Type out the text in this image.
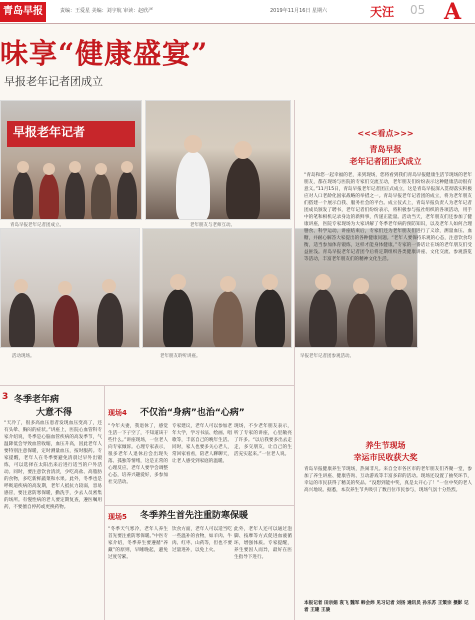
青岛早报	责编：王爱星 美编：刘宇航 审读：赵欣严	2019年11月16日 星期六	天汪 05 A
味享“健康盛宴”
早报老年记者团成立
早报老年记者
青岛早报老年记者团成立。	老年朋友与老师互动。
活动现场。	老年朋友聆听讲座。	早报老年记者团参观活动。
<<<看点>>>
青岛早报
老年记者团正式成立
“青岛和您一起幸福的老，来到现场，您将看到我们青岛早报健康生活节现场的老年朋友，都在现场与医院的专家们交流互动，老年朋友们纷纷表示这种健康活动很有意义。”11月15日，青岛早报老年记者团正式成立，这是青岛早报深入贯彻落实积极应对人口老龄化国家战略的举措之一。青岛早报老年记者团的成立，将为老年朋友们搭建一个展示自我、服务社会的平台。成立仪式上，青岛早报负责人为老年记者团成员颁发了聘书，老年记者们纷纷表示，将积极参与报社组织的各项活动，用手中的笔和相机记录身边的新鲜事，传递正能量。活动当天，老年朋友们还参加了健康讲座，医院专家现场为大家讲解了冬季老年病的预防知识，以及老年人如何合理膳食、科学运动。讲座结束后，专家们还为老年朋友们进行了义诊，测量血压、血糖，并耐心解答大家提出的各种健康问题。“老年人要保持乐观的心态，注意饮食均衡，适当参加体育锻炼，这样才能身体健康。”专家的一番话让在场的老年朋友们受益匪浅。青岛早报老年记者团今后将定期组织各类健康讲座、文化交流、参观游览等活动，丰富老年朋友们的精神文化生活。
养生节现场
幸运市民收获大奖
青岛早报健康养生节现场，热闹非凡。来自全市各区市的老年朋友们齐聚一堂，参加了养生讲座、健康咨询、互动游戏等丰富多彩的活动。现场还设置了抽奖环节，幸运的市民获得了精美的奖品。“没想到能中奖，真是太开心了！”一位中奖的老人高兴地说。据悉，本次养生节共吸引了数百位市民参与，现场气氛十分热烈。
本报记者 田宗娟 袁飞 魏军 韩会炜 见习记者 刘扬 通讯员 孙乐苏 王策宗 摄影 记者 王建 王骏
3 冬季老年病
大意不得
“天冷了，很多高血压患者发现血压变高了，还有头晕、胸闷的症状。”讲座上，医院心血管科专家介绍说，冬季是心脑血管疾病的高发季节，气温降低会导致血管收缩，血压升高，因此老年人要特别注意保暖，定时测量血压，按时服药。专家提醒，老年人在冬季要避免清晨过早外出锻炼，可以选择在太阳出来后进行适当的户外活动。同时，要注意饮食清淡，少吃高盐、高脂肪的食物，多吃新鲜蔬菜和水果。此外，冬季也是呼吸道疾病的高发期，老年人抵抗力较弱，容易感冒，要注意防寒保暖，勤洗手，少去人员密集的场所。有慢性病的老人要定期复查，遵医嘱用药，不要擅自停药或更换药物。
现场4 不仅治“身病”也治“心病”
“今年夫妻，我退休了，感觉生活一下子空了，不知道该干些什么。”讲座现场，一位老人向专家倾诉。心理专家表示，很多老年人退休后会出现失落、孤独等情绪，这是正常的心理反应。老年人要学会调整心态，培养兴趣爱好，多参加社交活动。
专家建议，老年人可以参加老年大学，学习书法、绘画、唱歌等，丰富自己的晚年生活。同时，家人也要多关心老人，常回家看看，陪老人聊聊天，让老人感受到家庭的温暖。
现场，不少老年朋友表示，听了专家的讲座，心里敞亮了许多。“以后我要多出去走走，多交朋友，让自己的生活充实起来。”一位老人说。
现场5 冬季养生首先注重防寒保暖
“冬季天气寒冷，老年人养生首先要注重防寒保暖。”中医专家介绍，冬季养生要遵循“养藏”的原则，早睡晚起，避免过度劳累。
饮食方面，老年人可以适当吃一些温补的食物，如羊肉、牛肉、红枣、山药等，但也不要过量进补，以免上火。
此外，老年人还可以通过泡脚、按摩等方式促进血液循环，增强体质。专家提醒，养生要因人而异，最好在医生指导下进行。
